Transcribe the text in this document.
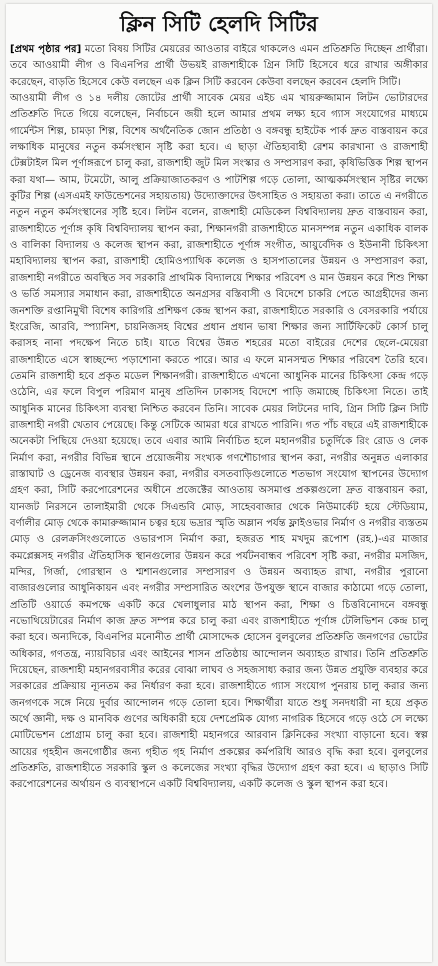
ক্লিন সিটি হেলদি সিটির
[প্রথম পৃষ্ঠার পর] মতো বিষয় সিটির মেয়রের আওতার বাইরে থাকলেও এমন প্রতিশ্রুতি দিচ্ছেন প্রার্থীরা। তবে আওয়ামী লীগ ও বিএনপির প্রার্থী উভয়ই রাজশাহীকে গ্রিন সিটি হিসেবে ধরে রাখার অঙ্গীকার করেছেন, বাড়তি হিসেবে কেউ বলছেন এক ক্লিন সিটি করবেন কেউবা বলছেন করবেন হেলদি সিটি।
আওয়ামী লীগ ও ১৪ দলীয় জোটের প্রার্থী সাবেক মেয়র এইচ এম খায়রুজ্জামান লিটন ভোটারদের প্রতিশ্রুতি দিতে গিয়ে বলেছেন, নির্বাচনে জয়ী হলে আমার প্রথম লক্ষ্য হবে গ্যাস সংযোগের মাধ্যমে গার্মেন্টস শিল্প, চামড়া শিল্প, বিশেষ অর্থনৈতিক জোন প্রতিষ্ঠা ও বঙ্গবন্ধু হাইটেক পার্ক দ্রুত বাস্তবায়ন করে লক্ষাধিক মানুষের নতুন কর্মসংস্থান সৃষ্টি করা হবে। এ ছাড়া ঐতিহ্যবাহী রেশম কারখানা ও রাজশাহী টেক্সটাইল মিল পূর্ণাঙ্গরূপে চালু করা, রাজশাহী জুট মিল সংস্কার ও সম্প্রসারণ করা, কৃষিভিত্তিক শিল্প স্থাপন করা যথা— আম, টমেটো, আলু প্রক্রিয়াজাতকরণ ও পাটশিল্প গড়ে তোলা, আত্মকর্মসংস্থান সৃষ্টির লক্ষ্যে কুটির শিল্প (এসএমই ফাউন্ডেশনের সহায়তায়) উদ্যোক্তাদের উৎসাহিত ও সহায়তা করা। তাতে এ নগরীতে নতুন নতুন কর্মসংস্থানের সৃষ্টি হবে। লিটন বলেন, রাজশাহী মেডিকেল বিশ্ববিদ্যালয় দ্রুত বাস্তবায়ন করা, রাজশাহীতে পূর্ণাঙ্গ কৃষি বিশ্ববিদ্যালয় স্থাপন করা, শিক্ষানগরী রাজশাহীতে মানসম্পন্ন নতুন একাধিক বালক ও বালিকা বিদ্যালয় ও কলেজ স্থাপন করা, রাজশাহীতে পূর্ণাঙ্গ সংগীত, আয়ুর্বেদিক ও ইউনানী চিকিৎসা মহাবিদ্যালয় স্থাপন করা, রাজশাহী হোমিওপ্যাথিক কলেজ ও হাসপাতালের উন্নয়ন ও সম্প্রসারণ করা, রাজশাহী নগরীতে অবস্থিত সব সরকারি প্রাথমিক বিদ্যালয়ে শিক্ষার পরিবেশ ও মান উন্নয়ন করে শিশু শিক্ষা ও ভর্তি সমস্যার সমাধান করা, রাজশাহীতে অনগ্রসর বস্তিবাসী ও বিদেশে চাকরি পেতে আগ্রহীদের জন্য জনশক্তি রপ্তানিমুখী বিশেষ কারিগরি প্রশিক্ষণ কেন্দ্র স্থাপন করা, রাজশাহীতে সরকারি ও বেসরকারি পর্যায়ে ইংরেজি, আরবি, স্প্যানিশ, চায়নিজসহ বিশ্বের প্রধান প্রধান ভাষা শিক্ষার জন্য সার্টিফিকেট কোর্স চালু করাসহ নানা পদক্ষেপ নিতে চাই। যাতে বিশ্বের উন্নত শহরের মতো বাইরের দেশের ছেলে-মেয়েরা রাজশাহীতে এসে স্বাচ্ছন্দ্যে পড়াশোনা করতে পারে। আর এ ফলে মানসম্মত শিক্ষার পরিবেশ তৈরি হবে। তেমনি রাজশাহী হবে প্রকৃত মডেল শিক্ষানগরী। রাজশাহীতে এখনো আধুনিক মানের চিকিৎসা কেন্দ্র গড়ে ওঠেনি, এর ফলে বিপুল পরিমাণ মানুষ প্রতিদিন ঢাকাসহ বিদেশে পাড়ি জমাচ্ছে চিকিৎসা নিতে। তাই আধুনিক মানের চিকিৎসা ব্যবস্থা নিশ্চিত করবেন তিনি। সাবেক মেয়র লিটনের দাবি, গ্রিন সিটি ক্লিন সিটি রাজশাহী নগরী খেতাব পেয়েছে। কিন্তু সেটিকে আমরা ধরে রাখতে পারিনি। গত পাঁচ বছরে এই রাজশাহীকে অনেকটা পিছিয়ে দেওয়া হয়েছে। তবে এবার আমি নির্বাচিত হলে মহানগরীর চতুর্দিকে রিং রোড ও লেক নির্মাণ করা, নগরীর বিভিন্ন স্থানে প্রয়োজনীয় সংখ্যক গণশৌচাগার স্থাপন করা, নগরীর অনুন্নত এলাকার রাস্তাঘাট ও ড্রেনেজ ব্যবস্থার উন্নয়ন করা, নগরীর বসতবাড়িগুলোতে শতভাগ সংযোগ স্থাপনের উদ্যোগ গ্রহণ করা, সিটি করপোরেশনের অধীনে প্রজেক্টের আওতায় অসমাপ্ত প্রকল্পগুলো দ্রুত বাস্তবায়ন করা, যানজট নিরসনে তালাইমারী থেকে সিএন্ডবি মোড়, সাহেববাজার থেকে নিউমার্কেট হয়ে স্টেডিয়াম, বর্ণালীর মোড় থেকে কামারুজ্জামান চত্বর হয়ে ভদ্রার স্মৃতি অম্লান পর্যন্ত ফ্লাইওভার নির্মাণ ও নগরীর ব্যস্ততম মোড় ও রেলক্রসিংগুলোতে ওভারপাস নির্মাণ করা, হজরত শাহ মখদুম রূপোশ (রহ.)-এর মাজার কমপ্লেক্সসহ নগরীর ঐতিহাসিক স্থানগুলোর উন্নয়ন করে পর্যটনবান্ধব পরিবেশ সৃষ্টি করা, নগরীর মসজিদ, মন্দির, গির্জা, গোরস্থান ও শ্মশানগুলোর সম্প্রসারণ ও উন্নয়ন অব্যাহত রাখা, নগরীর পুরানো বাজারগুলোর আধুনিকায়ন এবং নগরীর সম্প্রসারিত অংশের উপযুক্ত স্থানে বাজার কাঠামো গড়ে তোলা, প্রতিটি ওয়ার্ডে কমপক্ষে একটি করে খেলাধুলার মাঠ স্থাপন করা, শিক্ষা ও চিত্তবিনোদনে বঙ্গবন্ধু নভোথিয়েটারের নির্মাণ কাজ দ্রুত সম্পন্ন করে চালু করা এবং রাজশাহীতে পূর্ণাঙ্গ টেলিভিশন কেন্দ্র চালু করা হবে। অন্যদিকে, বিএনপির মনোনীত প্রার্থী মোসাদ্দেক হোসেন বুলবুলের প্রতিশ্রুতি জনগণের ভোটের অধিকার, গণতন্ত্র, ন্যায়বিচার এবং আইনের শাসন প্রতিষ্ঠায় আন্দোলন অব্যাহত রাখার। তিনি প্রতিশ্রুতি দিয়েছেন, রাজশাহী মহানগরবাসীর করের বোঝা লাঘব ও সহজসাধ্য করার জন্য উন্নত প্রযুক্তি ব্যবহার করে সরকারের প্রক্রিয়ায় ন্যূনতম কর নির্ধারণ করা হবে। রাজশাহীতে গ্যাস সংযোগ পুনরায় চালু করার জন্য জনগণকে সঙ্গে নিয়ে দুর্বার আন্দোলন গড়ে তোলা হবে। শিক্ষার্থীরা যাতে শুধু সনদধারী না হয়ে প্রকৃত অর্থে জ্ঞানী, দক্ষ ও মানবিক গুণের অধিকারী হয়ে দেশপ্রেমিক যোগ্য নাগরিক হিসেবে গড়ে ওঠে সে লক্ষ্যে মোটিভেশন প্রোগ্রাম চালু করা হবে। রাজশাহী মহানগরে আরবান ক্লিনিকের সংখ্যা বাড়ানো হবে। স্বল্প আয়ের গৃহহীন জনগোষ্ঠীর জন্য গৃহীত গৃহ নির্মাণ প্রকল্পের কর্মপরিধি আরও বৃদ্ধি করা হবে। বুলবুলের প্রতিশ্রুতি, রাজশাহীতে সরকারি স্কুল ও কলেজের সংখ্যা বৃদ্ধির উদ্যোগ গ্রহণ করা হবে। এ ছাড়াও সিটি করপোরেশনের অর্থায়ন ও ব্যবস্থাপনে একটি বিশ্ববিদ্যালয়, একটি কলেজ ও স্কুল স্থাপন করা হবে।
